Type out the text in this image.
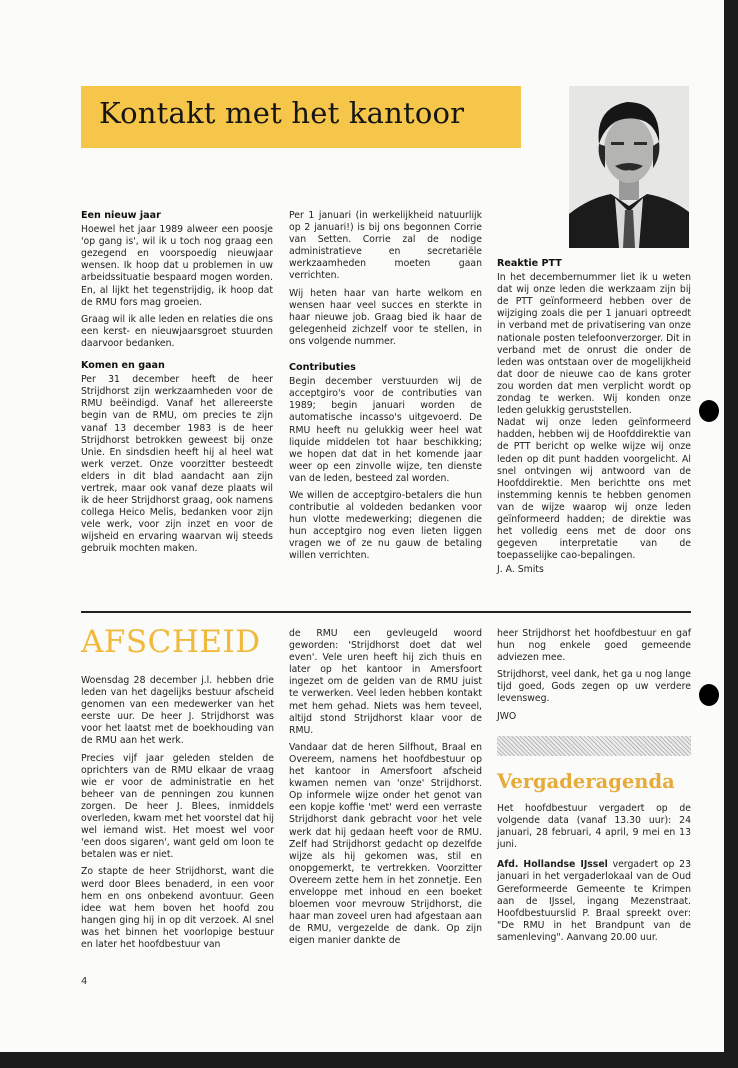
Kontakt met het kantoor
Een nieuw jaar

Hoewel het jaar 1989 alweer een poosje 'op gang is', wil ik u toch nog graag een gezegend en voorspoedig nieuwjaar wensen. Ik hoop dat u problemen in uw arbeidssituatie bespaard mogen worden. En, al lijkt het tegenstrijdig, ik hoop dat de RMU fors mag groeien.

Graag wil ik alle leden en relaties die ons een kerst- en nieuwjaarsgroet stuurden daarvoor bedanken.

Komen en gaan

Per 31 december heeft de heer Strijdhorst zijn werkzaamheden voor de RMU beëindigd. Vanaf het allereerste begin van de RMU, om precies te zijn vanaf 13 december 1983 is de heer Strijdhorst betrokken geweest bij onze Unie. En sindsdien heeft hij al heel wat werk verzet. Onze voorzitter besteedt elders in dit blad aandacht aan zijn vertrek, maar ook vanaf deze plaats wil ik de heer Strijdhorst graag, ook namens collega Heico Melis, bedanken voor zijn vele werk, voor zijn inzet en voor de wijsheid en ervaring waarvan wij steeds gebruik mochten maken.

Per 1 januari (in werkelijkheid natuurlijk op 2 januari!) is bij ons begonnen Corrie van Setten. Corrie zal de nodige administratieve en secretariële werkzaamheden moeten gaan verrichten.

Wij heten haar van harte welkom en wensen haar veel succes en sterkte in haar nieuwe job. Graag bied ik haar de gelegenheid zichzelf voor te stellen, in ons volgende nummer.

Contributies

Begin december verstuurden wij de acceptgiro's voor de contributies van 1989; begin januari worden de automatische incasso's uitgevoerd. De RMU heeft nu gelukkig weer heel wat liquide middelen tot haar beschikking; we hopen dat dat in het komende jaar weer op een zinvolle wijze, ten dienste van de leden, besteed zal worden.

We willen de acceptgiro-betalers die hun contributie al voldeden bedanken voor hun vlotte medewerking; diegenen die hun acceptgiro nog even lieten liggen vragen we of ze nu gauw de betaling willen verrichten.

Reaktie PTT

In het decembernummer liet ik u weten dat wij onze leden die werkzaam zijn bij de PTT geïnformeerd hebben over de wijziging zoals die per 1 januari optreedt in verband met de privatisering van onze nationale posten telefoonverzorger. Dit in verband met de onrust die onder de leden was ontstaan over de mogelijkheid dat door de nieuwe cao de kans groter zou worden dat men verplicht wordt op zondag te werken. Wij konden onze leden gelukkig geruststellen.

Nadat wij onze leden geïnformeerd hadden, hebben wij de Hoofddirektie van de PTT bericht op welke wijze wij onze leden op dit punt hadden voorgelicht. Al snel ontvingen wij antwoord van de Hoofddirektie. Men berichtte ons met instemming kennis te hebben genomen van de wijze waarop wij onze leden geïnformeerd hadden; de direktie was het volledig eens met de door ons gegeven interpretatie van de toepasselijke cao-bepalingen.

J. A. Smits

AFSCHEID

Woensdag 28 december j.l. hebben drie leden van het dagelijks bestuur afscheid genomen van een medewerker van het eerste uur. De heer J. Strijdhorst was voor het laatst met de boekhouding van de RMU aan het werk.

Precies vijf jaar geleden stelden de oprichters van de RMU elkaar de vraag wie er voor de administratie en het beheer van de penningen zou kunnen zorgen. De heer J. Blees, inmiddels overleden, kwam met het voorstel dat hij wel iemand wist. Het moest wel voor 'een doos sigaren', want geld om loon te betalen was er niet.

Zo stapte de heer Strijdhorst, want die werd door Blees benaderd, in een voor hem en ons onbekend avontuur. Geen idee wat hem boven het hoofd zou hangen ging hij in op dit verzoek. Al snel was het binnen het voorlopige bestuur en later het hoofdbestuur van

de RMU een gevleugeld woord geworden: 'Strijdhorst doet dat wel even'. Vele uren heeft hij zich thuis en later op het kantoor in Amersfoort ingezet om de gelden van de RMU juist te verwerken. Veel leden hebben kontakt met hem gehad. Niets was hem teveel, altijd stond Strijdhorst klaar voor de RMU.

Vandaar dat de heren Silfhout, Braal en Overeem, namens het hoofdbestuur op het kantoor in Amersfoort afscheid kwamen nemen van 'onze' Strijdhorst. Op informele wijze onder het genot van een kopje koffie 'met' werd een verraste Strijdhorst dank gebracht voor het vele werk dat hij gedaan heeft voor de RMU. Zelf had Strijdhorst gedacht op dezelfde wijze als hij gekomen was, stil en onopgemerkt, te vertrekken. Voorzitter Overeem zette hem in het zonnetje. Een enveloppe met inhoud en een boeket bloemen voor mevrouw Strijdhorst, die haar man zoveel uren had afgestaan aan de RMU, vergezelde de dank. Op zijn eigen manier dankte de

heer Strijdhorst het hoofdbestuur en gaf hun nog enkele goed gemeende adviezen mee.

Strijdhorst, veel dank, het ga u nog lange tijd goed, Gods zegen op uw verdere levensweg.

JWO

Vergaderagenda

Het hoofdbestuur vergadert op de volgende data (vanaf 13.30 uur): 24 januari, 28 februari, 4 april, 9 mei en 13 juni.

Afd. Hollandse IJssel vergadert op 23 januari in het vergaderlokaal van de Oud Gereformeerde Gemeente te Krimpen aan de IJssel, ingang Mezenstraat. Hoofdbestuurslid P. Braal spreekt over: "De RMU in het Brandpunt van de samenleving". Aanvang 20.00 uur.

4
